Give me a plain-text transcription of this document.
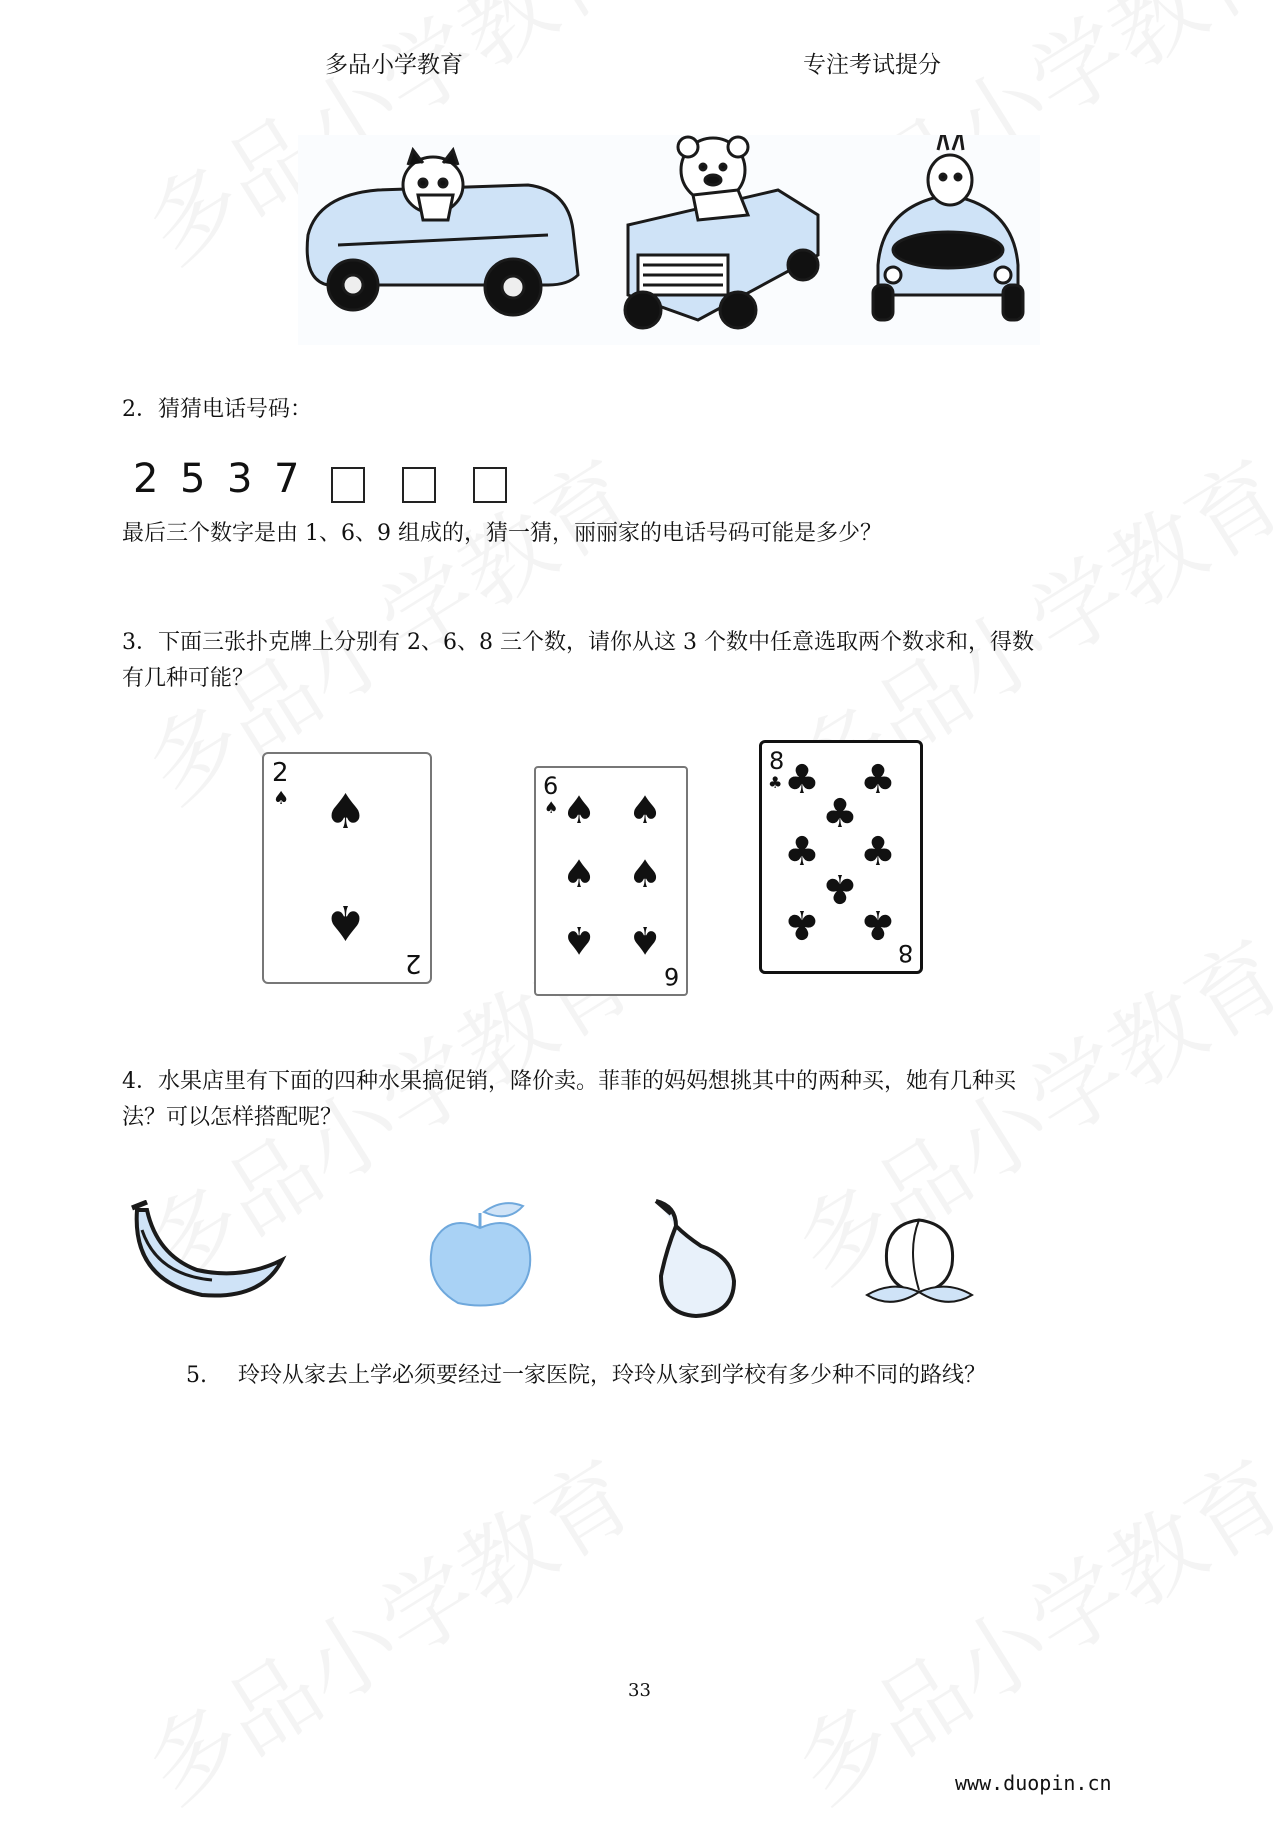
多品小学教育	专注考试提分
2．猜猜电话号码：
2 5 3 7
最后三个数字是由 1、6、9 组成的，猜一猜，丽丽家的电话号码可能是多少？
3．下面三张扑克牌上分别有 2、6、8 三个数，请你从这 3 个数中任意选取两个数求和，得数
有几种可能？
2
♠ ♠
♠
2
6
♠ ♠ ♠
♠ ♠
♠ ♠
6
8
♣ ♣ ♣
♣
♣ ♣
♣
♣ ♣
8
4．水果店里有下面的四种水果搞促销，降价卖。菲菲的妈妈想挑其中的两种买，她有几种买
法？可以怎样搭配呢？
5.	玲玲从家去上学必须要经过一家医院，玲玲从家到学校有多少种不同的路线？
33
www.duopin.cn
